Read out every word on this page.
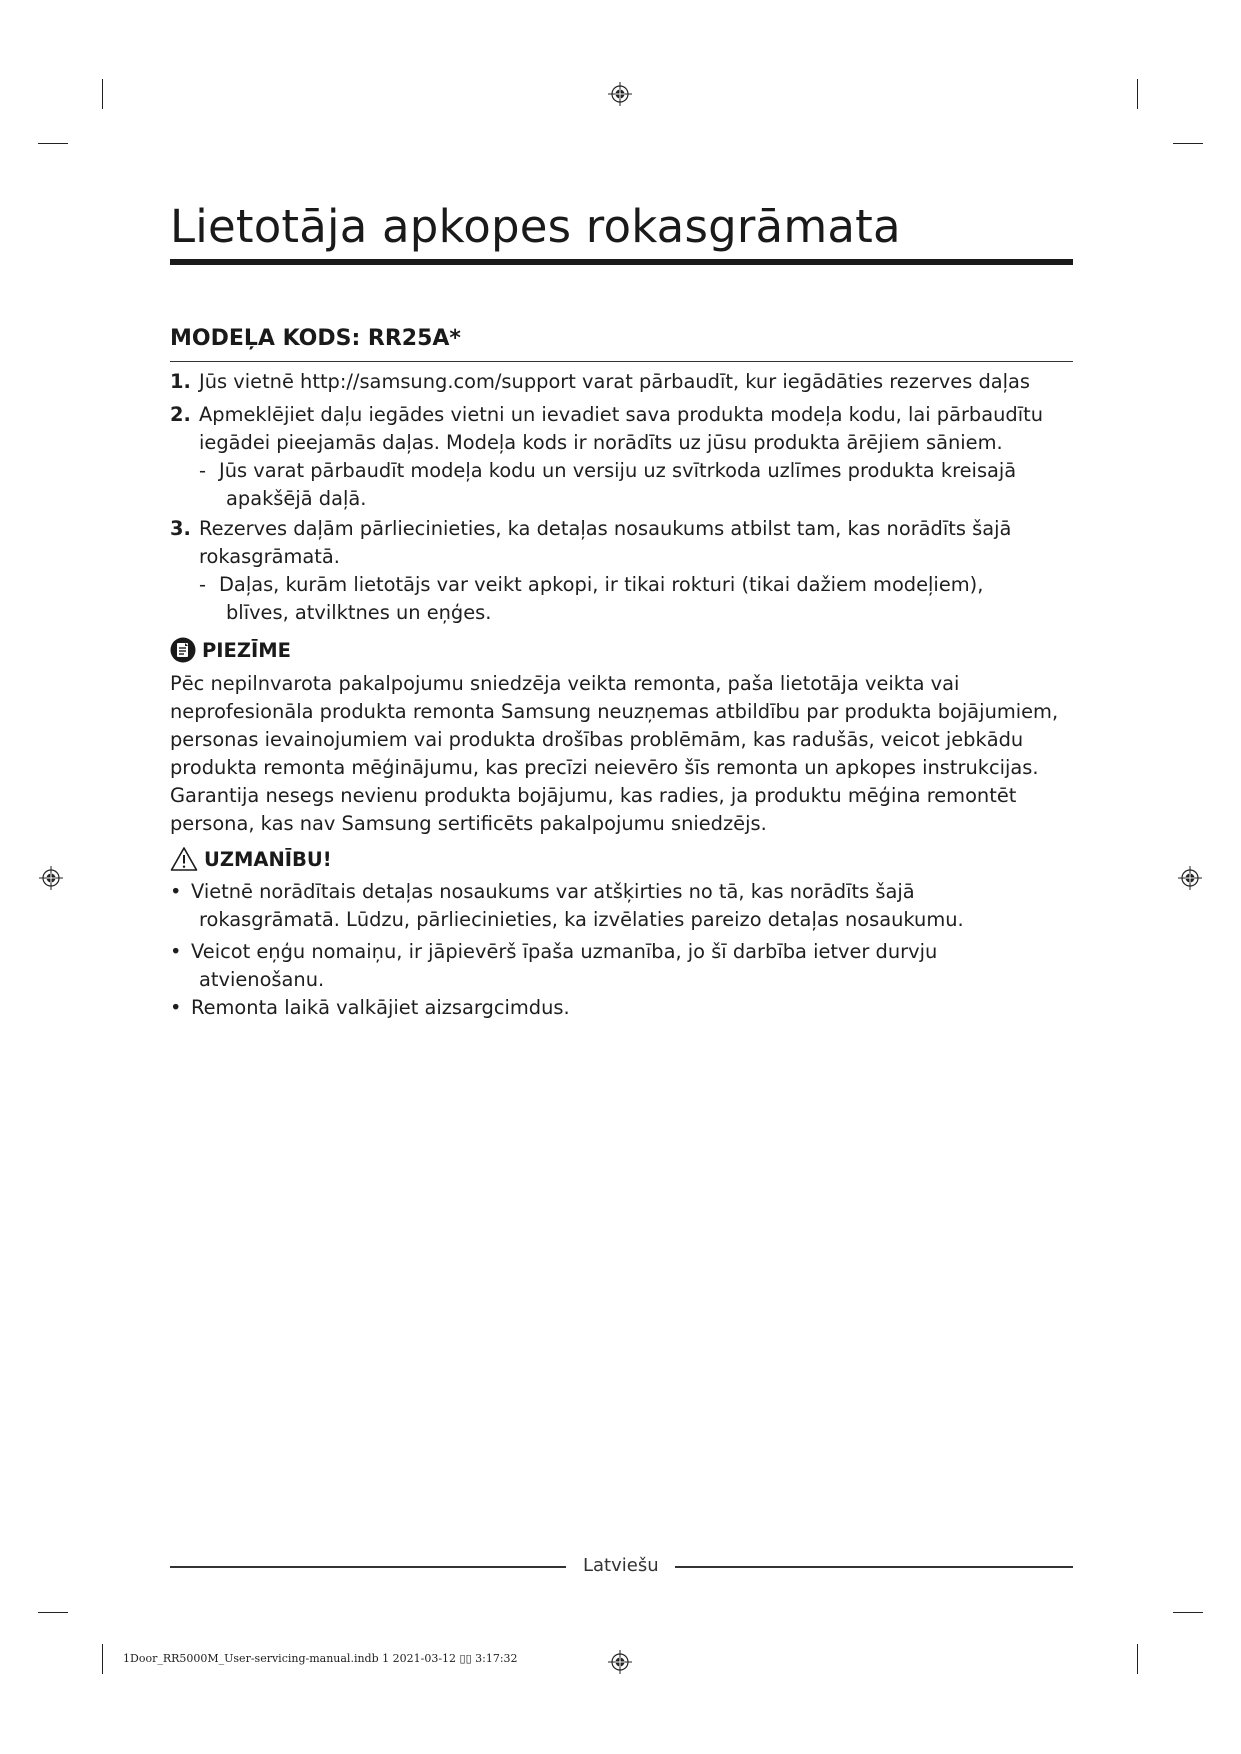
Lietotāja apkopes rokasgrāmata
MODEĻA KODS: RR25A*
1. Jūs vietnē http://samsung.com/support varat pārbaudīt, kur iegādāties rezerves daļas
2. Apmeklējiet daļu iegādes vietni un ievadiet sava produkta modeļa kodu, lai pārbaudītu
iegādei pieejamās daļas. Modeļa kods ir norādīts uz jūsu produkta ārējiem sāniem.
- Jūs varat pārbaudīt modeļa kodu un versiju uz svītrkoda uzlīmes produkta kreisajā
apakšējā daļā.
3. Rezerves daļām pārliecinieties, ka detaļas nosaukums atbilst tam, kas norādīts šajā
rokasgrāmatā.
- Daļas, kurām lietotājs var veikt apkopi, ir tikai rokturi (tikai dažiem modeļiem),
blīves, atvilktnes un eņģes.
PIEZĪME
Pēc nepilnvarota pakalpojumu sniedzēja veikta remonta, paša lietotāja veikta vai
neprofesionāla produkta remonta Samsung neuzņemas atbildību par produkta bojājumiem,
personas ievainojumiem vai produkta drošības problēmām, kas radušās, veicot jebkādu
produkta remonta mēģinājumu, kas precīzi neievēro šīs remonta un apkopes instrukcijas.
Garantija nesegs nevienu produkta bojājumu, kas radies, ja produktu mēģina remontēt
persona, kas nav Samsung sertificēts pakalpojumu sniedzējs.
UZMANĪBU!
• Vietnē norādītais detaļas nosaukums var atšķirties no tā, kas norādīts šajā
rokasgrāmatā. Lūdzu, pārliecinieties, ka izvēlaties pareizo detaļas nosaukumu.
• Veicot eņģu nomaiņu, ir jāpievērš īpaša uzmanība, jo šī darbība ietver durvju
atvienošanu.
• Remonta laikā valkājiet aizsargcimdus.
Latviešu
1Door_RR5000M_User-servicing-manual.indb 1 2021-03-12 ▯▯ 3:17:32
